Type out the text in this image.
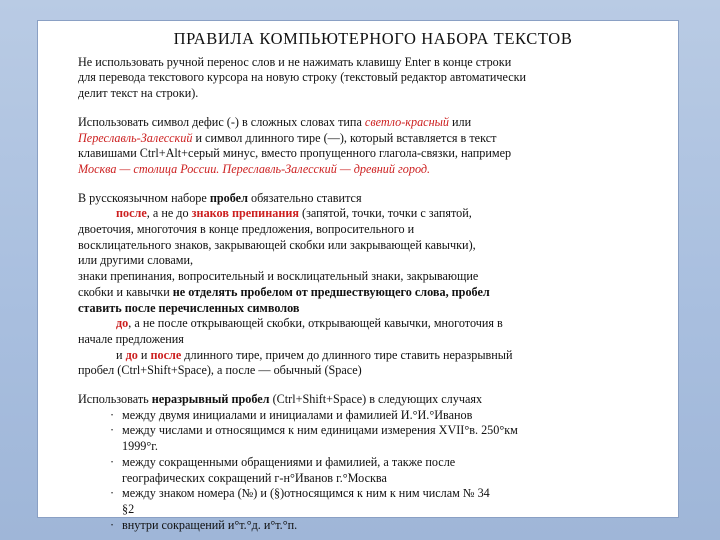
ПРАВИЛА КОМПЬЮТЕРНОГО НАБОРА ТЕКСТОВ

Не использовать ручной перенос слов и не нажимать клавишу Enter в конце строки

для перевода текстового курсора на новую строку (текстовый редактор автоматически

делит текст на строки).

Использовать символ дефис (-) в сложных словах типа светло-красный или

Переславль-Залесский и символ длинного тире (—), который вставляется в текст

клавишами Ctrl+Alt+серый минус, вместо пропущенного глагола-связки, например

Москва — столица России. Переславль-Залесский — древний город.

В русскоязычном наборе пробел обязательно ставится

после, а не до знаков препинания (запятой, точки, точки с запятой,

двоеточия, многоточия в конце предложения, вопросительного и

восклицательного знаков, закрывающей скобки или закрывающей кавычки),

или другими словами,

знаки препинания, вопросительный и восклицательный знаки, закрывающие

скобки и кавычки не отделять пробелом от предшествующего слова, пробел

ставить после перечисленных символов

до, а не после открывающей скобки, открывающей кавычки, многоточия в

начале предложения

и до и после длинного тире, причем до длинного тире ставить неразрывный

пробел (Ctrl+Shift+Space), а после — обычный (Space)

Использовать неразрывный пробел (Ctrl+Shift+Space) в следующих случаях

· между двумя инициалами и инициалами и фамилией И.°И.°Иванов

· между числами и относящимся к ним единицами измерения XVII°в. 250°км

1999°г.

· между сокращенными обращениями и фамилией, а также после

географических сокращений г-н°Иванов г.°Москва

· между знаком номера (№) и (§)относящимся к ним к ним числам № 34

§2

· внутри сокращений и°т.°д. и°т.°п.
